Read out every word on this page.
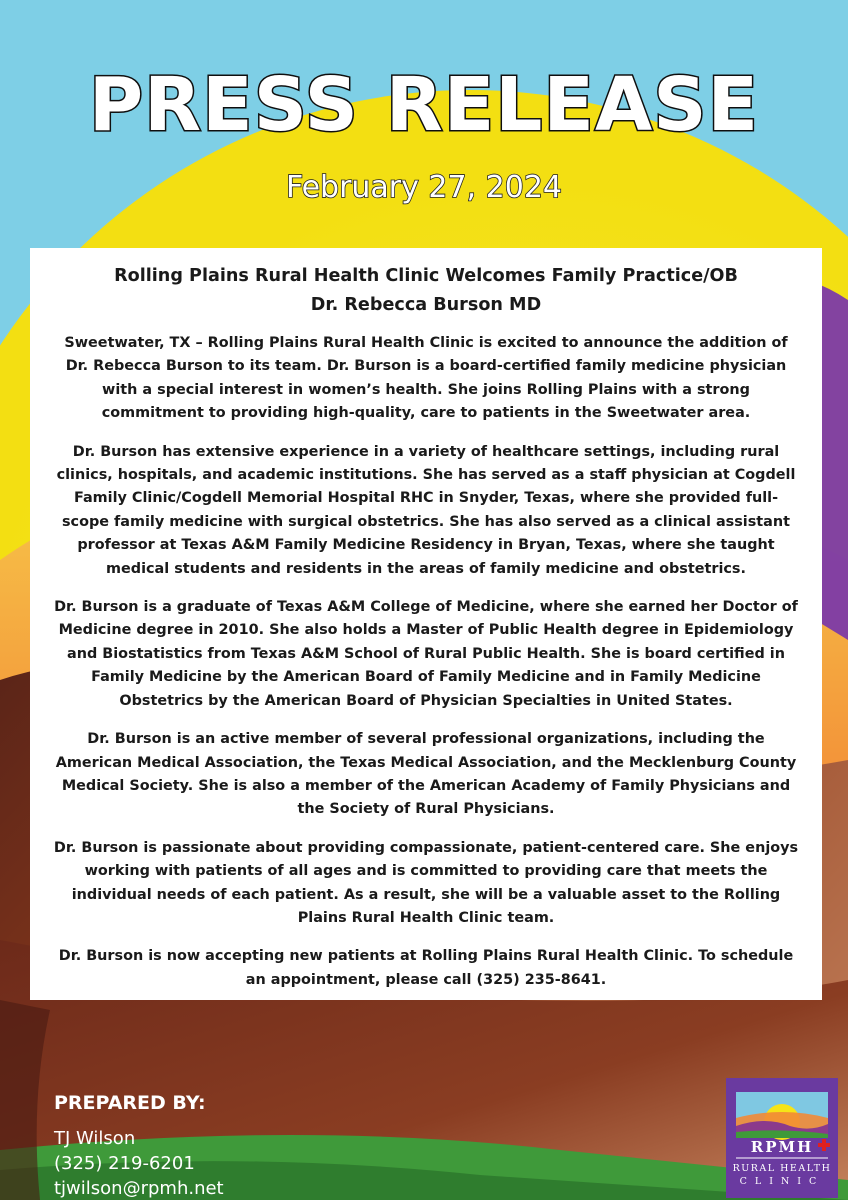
PRESS RELEASE
February 27, 2024
Rolling Plains Rural Health Clinic Welcomes Family Practice/OB
Dr. Rebecca Burson MD

Sweetwater, TX – Rolling Plains Rural Health Clinic is excited to announce the addition of Dr. Rebecca Burson to its team. Dr. Burson is a board-certified family medicine physician with a special interest in women’s health. She joins Rolling Plains with a strong commitment to providing high-quality, care to patients in the Sweetwater area.

Dr. Burson has extensive experience in a variety of healthcare settings, including rural clinics, hospitals, and academic institutions. She has served as a staff physician at Cogdell Family Clinic/Cogdell Memorial Hospital RHC in Snyder, Texas, where she provided full-scope family medicine with surgical obstetrics. She has also served as a clinical assistant professor at Texas A&M Family Medicine Residency in Bryan, Texas, where she taught medical students and residents in the areas of family medicine and obstetrics.

Dr. Burson is a graduate of Texas A&M College of Medicine, where she earned her Doctor of Medicine degree in 2010. She also holds a Master of Public Health degree in Epidemiology and Biostatistics from Texas A&M School of Rural Public Health. She is board certified in Family Medicine by the American Board of Family Medicine and in Family Medicine Obstetrics by the American Board of Physician Specialties in United States.

Dr. Burson is an active member of several professional organizations, including the American Medical Association, the Texas Medical Association, and the Mecklenburg County Medical Society. She is also a member of the American Academy of Family Physicians and the Society of Rural Physicians.

Dr. Burson is passionate about providing compassionate, patient-centered care. She enjoys working with patients of all ages and is committed to providing care that meets the individual needs of each patient. As a result, she will be a valuable asset to the Rolling Plains Rural Health Clinic team.

Dr. Burson is now accepting new patients at Rolling Plains Rural Health Clinic. To schedule an appointment, please call (325) 235-8641.

PREPARED BY:
TJ Wilson
(325) 219-6201
tjwilson@rpmh.net
RPMH
RURAL HEALTH
CLINIC
